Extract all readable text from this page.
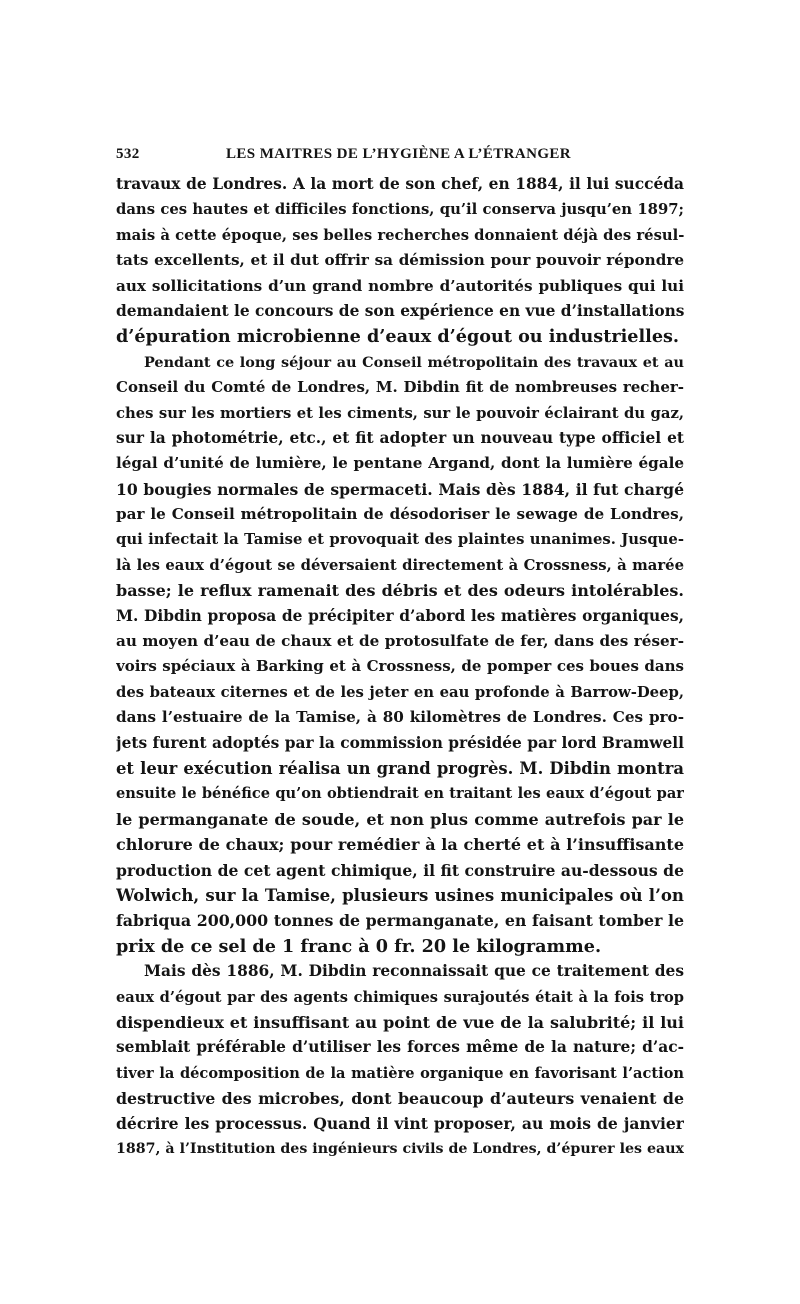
532	LES MAITRES DE L’HYGIÈNE A L’ÉTRANGER
travaux de Londres. A la mort de son chef, en 1884, il lui succéda
dans ces hautes et difficiles fonctions, qu’il conserva jusqu’en 1897;
mais à cette époque, ses belles recherches donnaient déjà des résul-
tats excellents, et il dut offrir sa démission pour pouvoir répondre
aux sollicitations d’un grand nombre d’autorités publiques qui lui
demandaient le concours de son expérience en vue d’installations
d’épuration microbienne d’eaux d’égout ou industrielles.
Pendant ce long séjour au Conseil métropolitain des travaux et au
Conseil du Comté de Londres, M. Dibdin fit de nombreuses recher-
ches sur les mortiers et les ciments, sur le pouvoir éclairant du gaz,
sur la photométrie, etc., et fit adopter un nouveau type officiel et
légal d’unité de lumière, le pentane Argand, dont la lumière égale
10 bougies normales de spermaceti. Mais dès 1884, il fut chargé
par le Conseil métropolitain de désodoriser le sewage de Londres,
qui infectait la Tamise et provoquait des plaintes unanimes. Jusque-
là les eaux d’égout se déversaient directement à Crossness, à marée
basse; le reflux ramenait des débris et des odeurs intolérables.
M. Dibdin proposa de précipiter d’abord les matières organiques,
au moyen d’eau de chaux et de protosulfate de fer, dans des réser-
voirs spéciaux à Barking et à Crossness, de pomper ces boues dans
des bateaux citernes et de les jeter en eau profonde à Barrow-Deep,
dans l’estuaire de la Tamise, à 80 kilomètres de Londres. Ces pro-
jets furent adoptés par la commission présidée par lord Bramwell
et leur exécution réalisa un grand progrès. M. Dibdin montra
ensuite le bénéfice qu’on obtiendrait en traitant les eaux d’égout par
le permanganate de soude, et non plus comme autrefois par le
chlorure de chaux; pour remédier à la cherté et à l’insuffisante
production de cet agent chimique, il fit construire au-dessous de
Wolwich, sur la Tamise, plusieurs usines municipales où l’on
fabriqua 200,000 tonnes de permanganate, en faisant tomber le
prix de ce sel de 1 franc à 0 fr. 20 le kilogramme.
Mais dès 1886, M. Dibdin reconnaissait que ce traitement des
eaux d’égout par des agents chimiques surajoutés était à la fois trop
dispendieux et insuffisant au point de vue de la salubrité; il lui
semblait préférable d’utiliser les forces même de la nature; d’ac-
tiver la décomposition de la matière organique en favorisant l’action
destructive des microbes, dont beaucoup d’auteurs venaient de
décrire les processus. Quand il vint proposer, au mois de janvier
1887, à l’Institution des ingénieurs civils de Londres, d’épurer les eaux
